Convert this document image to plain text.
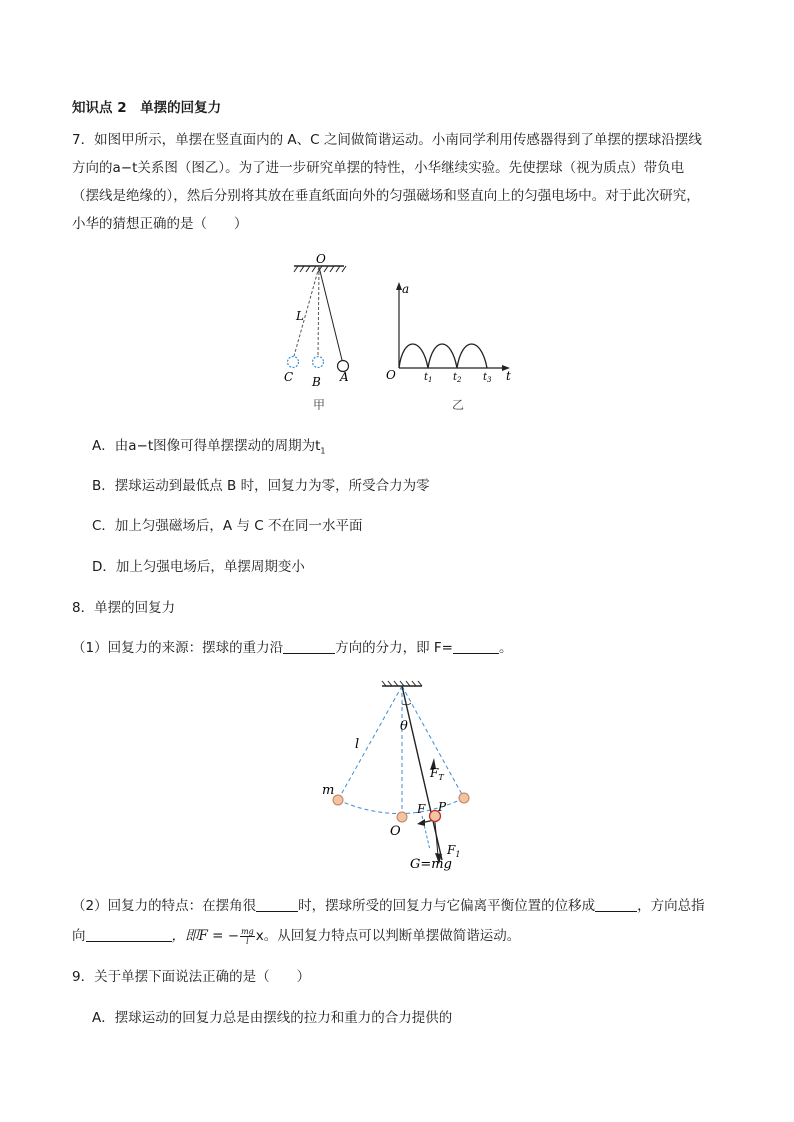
知识点 2　单摆的回复力
7．如图甲所示，单摆在竖直面内的 A、C 之间做简谐运动。小南同学利用传感器得到了单摆的摆球沿摆线
方向的a−t关系图（图乙）。为了进一步研究单摆的特性，小华继续实验。先使摆球（视为质点）带负电
（摆线是绝缘的），然后分别将其放在垂直纸面向外的匀强磁场和竖直向上的匀强电场中。对于此次研究，
小华的猜想正确的是（　　）
O
L
C B A
甲
a
O	$t_1$ $t_2$ $t_3$ t
乙
A．由a−t图像可得单摆摆动的周期为$t_1$
B．摆球运动到最低点 B 时，回复力为零，所受合力为零
C．加上匀强磁场后，A 与 C 不在同一水平面
D．加上匀强电场后，单摆周期变小
8．单摆的回复力
（1）回复力的来源：摆球的重力沿	方向的分力，即 F=	。
θ
l
$F_T$
m
F P
O
$F_1$
G=mg
（2）回复力的特点：在摆角很	时，摆球所受的回复力与它偏离平衡位置的位移成	，方向总指
向	，即F = − $\frac{mg}{l}$ x。从回复力特点可以判断单摆做简谐运动。
9．关于单摆下面说法正确的是（　　）
A．摆球运动的回复力总是由摆线的拉力和重力的合力提供的
